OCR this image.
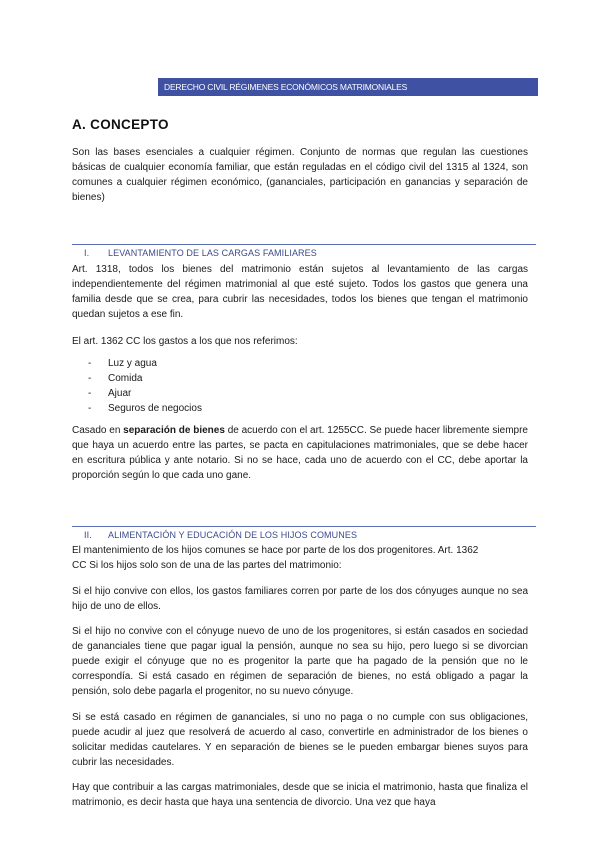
DERECHO CIVIL RÉGIMENES ECONÓMICOS MATRIMONIALES
A. CONCEPTO

Son las bases esenciales a cualquier régimen. Conjunto de normas que regulan las cuestiones básicas de cualquier economía familiar, que están reguladas en el código civil del 1315 al 1324, son comunes a cualquier régimen económico, (gananciales, participación en ganancias y separación de bienes)

I. LEVANTAMIENTO DE LAS CARGAS FAMILIARES

Art. 1318, todos los bienes del matrimonio están sujetos al levantamiento de las cargas independientemente del régimen matrimonial al que esté sujeto. Todos los gastos que genera una familia desde que se crea, para cubrir las necesidades, todos los bienes que tengan el matrimonio quedan sujetos a ese fin.

El art. 1362 CC los gastos a los que nos referimos:

- Luz y agua
- Comida
- Ajuar
- Seguros de negocios

Casado en separación de bienes de acuerdo con el art. 1255CC. Se puede hacer libremente siempre que haya un acuerdo entre las partes, se pacta en capitulaciones matrimoniales, que se debe hacer en escritura pública y ante notario. Si no se hace, cada uno de acuerdo con el CC, debe aportar la proporción según lo que cada uno gane.

II. ALIMENTACIÓN Y EDUCACIÓN DE LOS HIJOS COMUNES

El mantenimiento de los hijos comunes se hace por parte de los dos progenitores. Art. 1362 CC Si los hijos solo son de una de las partes del matrimonio:

Si el hijo convive con ellos, los gastos familiares corren por parte de los dos cónyuges aunque no sea hijo de uno de ellos.

Si el hijo no convive con el cónyuge nuevo de uno de los progenitores, si están casados en sociedad de gananciales tiene que pagar igual la pensión, aunque no sea su hijo, pero luego si se divorcian puede exigir el cónyuge que no es progenitor la parte que ha pagado de la pensión que no le correspondía. Si está casado en régimen de separación de bienes, no está obligado a pagar la pensión, solo debe pagarla el progenitor, no su nuevo cónyuge.

Si se está casado en régimen de gananciales, si uno no paga o no cumple con sus obligaciones, puede acudir al juez que resolverá de acuerdo al caso, convertirle en administrador de los bienes o solicitar medidas cautelares. Y en separación de bienes se le pueden embargar bienes suyos para cubrir las necesidades.

Hay que contribuir a las cargas matrimoniales, desde que se inicia el matrimonio, hasta que finaliza el matrimonio, es decir hasta que haya una sentencia de divorcio. Una vez que haya
